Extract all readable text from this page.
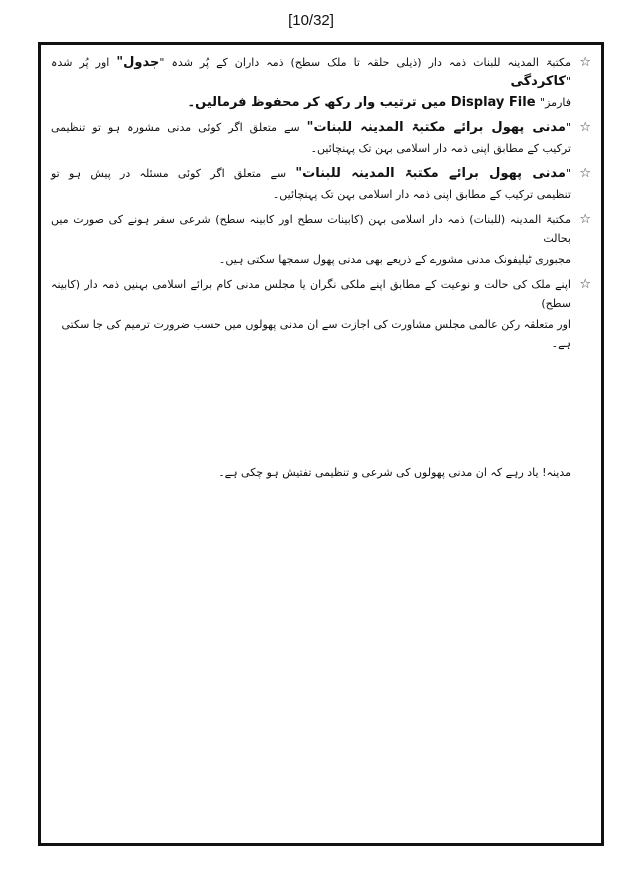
[10/32]
☆
مکتبۃ المدینہ للبنات ذمہ دار (ذیلی حلقہ تا ملک سطح) ذمہ داران کے پُر شدہ "جدول" اور پُر شدہ "کاکردگی
فارمز" Display File میں ترتیب وار رکھ کر محفوظ فرمالیں۔
☆
"مدنی پھول برائے مکتبۃ المدینہ للبنات" سے متعلق اگر کوئی مدنی مشورہ ہو تو تنظیمی
ترکیب کے مطابق اپنی ذمہ دار اسلامی بہن تک پہنچائیں۔
☆
"مدنی پھول برائے مکتبۃ المدینہ للبنات" سے متعلق اگر کوئی مسئلہ در پیش ہو تو
تنظیمی ترکیب کے مطابق اپنی ذمہ دار اسلامی بہن تک پہنچائیں۔
☆
مکتبۃ المدینہ (للبنات) ذمہ دار اسلامی بہن (کابینات سطح اور کابینہ سطح) شرعی سفر ہونے کی صورت میں بحالت
مجبوری ٹیلیفونک مدنی مشورے کے ذریعے بھی مدنی پھول سمجھا سکتی ہیں۔
☆
اپنے ملک کی حالت و نوعیت کے مطابق اپنے ملکی نگران یا مجلس مدنی کام برائے اسلامی بہنیں ذمہ دار (کابینہ سطح)
اور متعلقہ رکن عالمی مجلس مشاورت کی اجازت سے ان مدنی پھولوں میں حسب ضرورت ترمیم کی جا سکتی ہے۔
مدینہ! یاد رہے کہ ان مدنی پھولوں کی شرعی و تنظیمی تفتیش ہو چکی ہے۔
